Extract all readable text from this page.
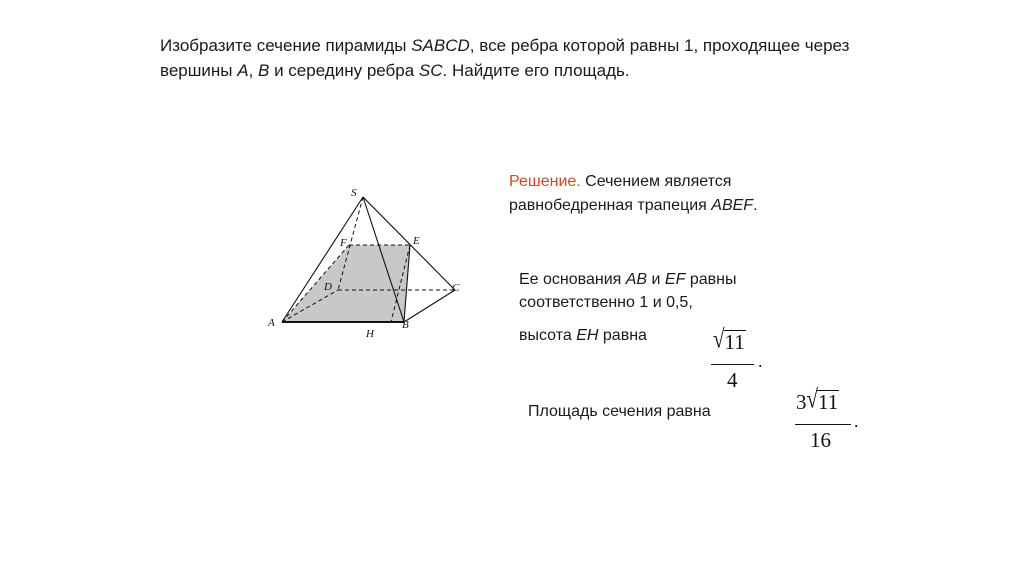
Изобразите сечение пирамиды SABCD, все ребра которой равны 1, проходящее через вершины A, B и середину ребра SC. Найдите его площадь.

S
E
F
D	C
A	B
H

Решение. Сечением является равнобедренная трапеция ABEF.

Ее основания AB и EF равны соответственно 1 и 0,5,

высота EH равна	√11
4
.

Площадь сечения равна	3√11
16
.
